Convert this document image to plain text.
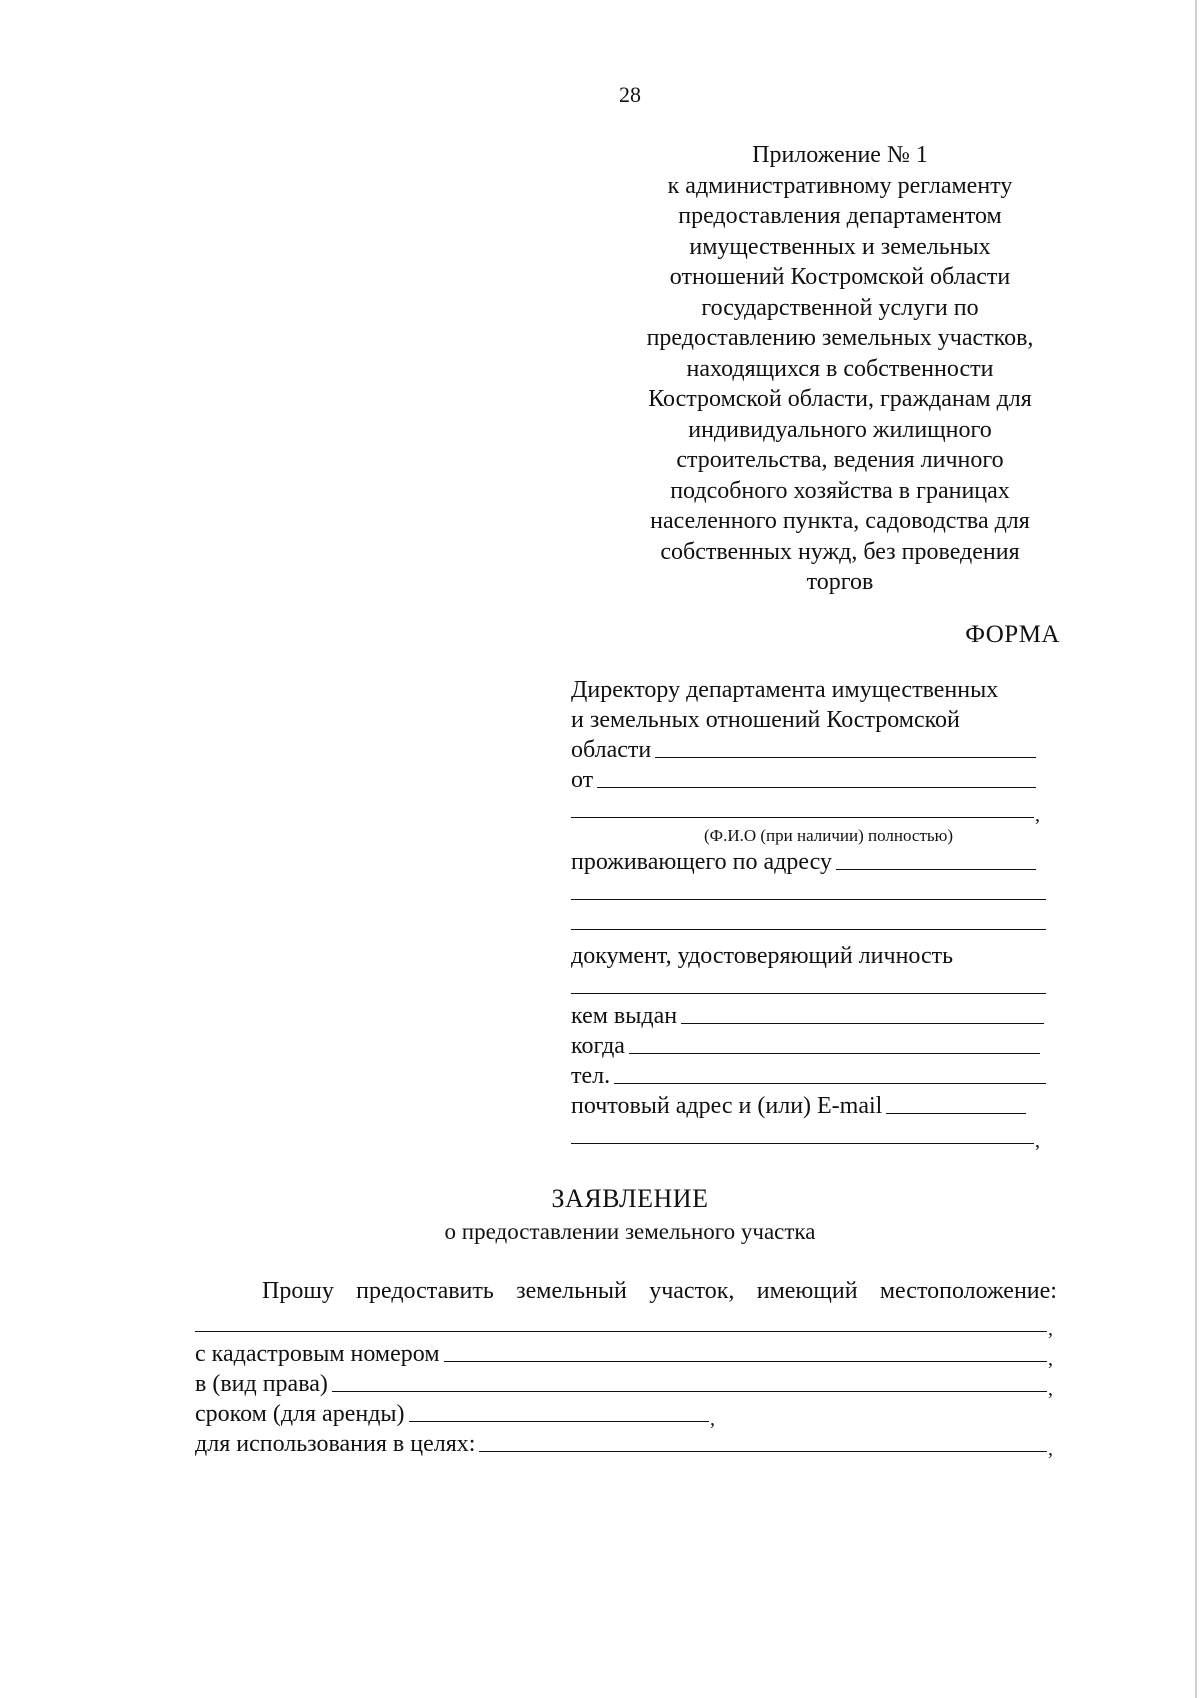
28
Приложение № 1
к административному регламенту
предоставления департаментом
имущественных и земельных
отношений Костромской области
государственной услуги по
предоставлению земельных участков,
находящихся в собственности
Костромской области, гражданам для
индивидуального жилищного
строительства, ведения личного
подсобного хозяйства в границах
населенного пункта, садоводства для
собственных нужд, без проведения
торгов
ФОРМА
Директору департамента имущественных
и земельных отношений Костромской
области
от
,
(Ф.И.О (при наличии) полностью)
проживающего по адресу
документ, удостоверяющий личность
кем выдан
когда
тел.
почтовый адрес и (или) E-mail
,
ЗАЯВЛЕНИЕ
о предоставлении земельного участка
Прошу предоставить земельный участок, имеющий местоположение:
,
с кадастровым номером	,
в (вид права)	,
сроком (для аренды)	,
для использования в целях:	,
